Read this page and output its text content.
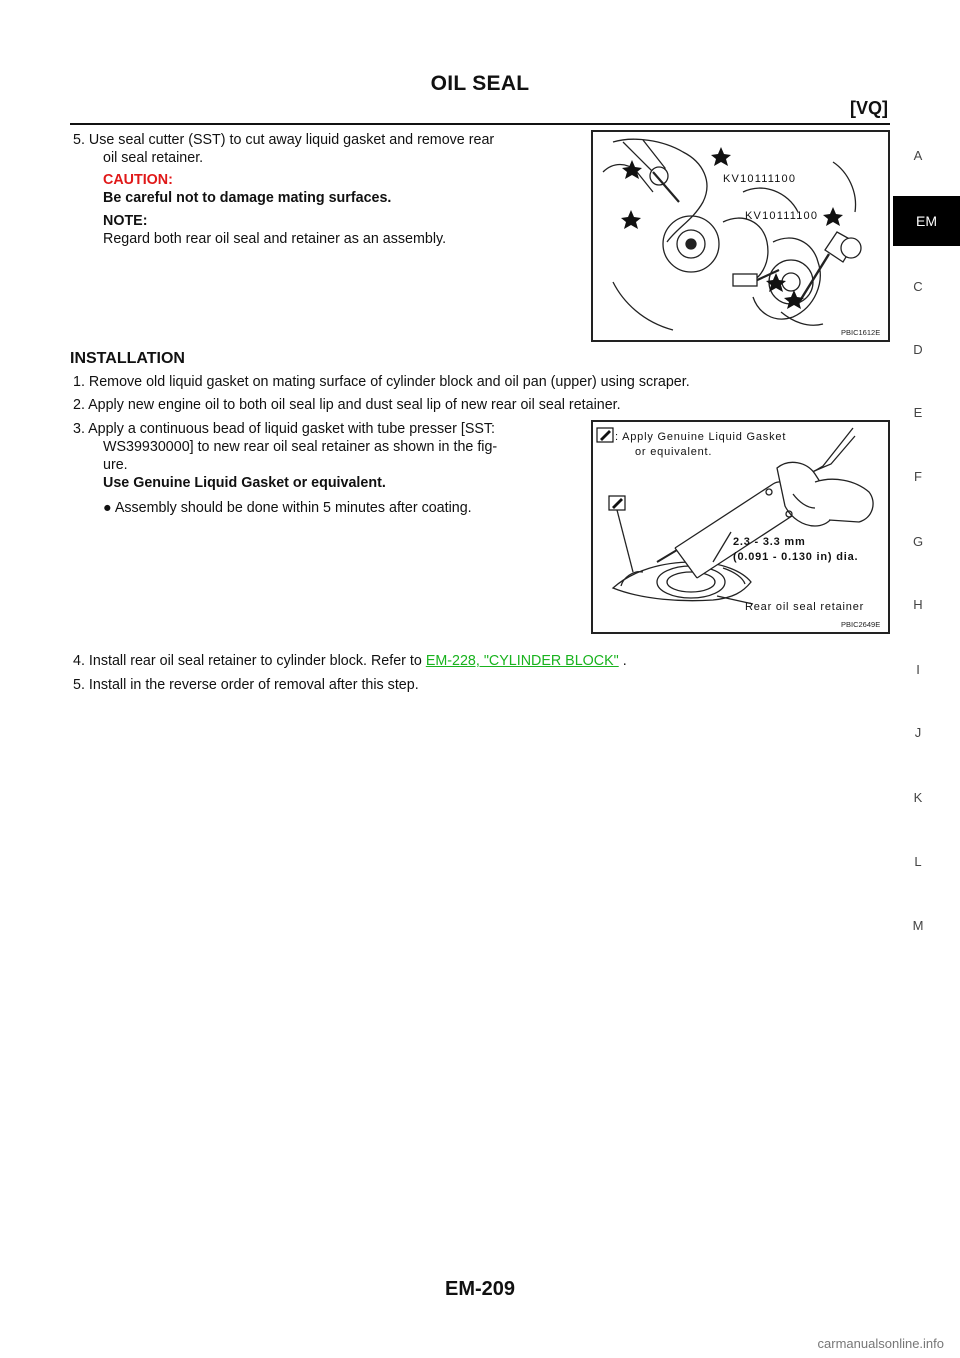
OIL SEAL
[VQ]
A
EM
C
D
E
F
G
H
I
J
K
L
M
5. Use seal cutter (SST) to cut away liquid gasket and remove rear
oil seal retainer.
CAUTION:
Be careful not to damage mating surfaces.
NOTE:
Regard both rear oil seal and retainer as an assembly.
KV10111100
KV10111100
PBIC1612E
INSTALLATION
1. Remove old liquid gasket on mating surface of cylinder block and oil pan (upper) using scraper.
2. Apply new engine oil to both oil seal lip and dust seal lip of new rear oil seal retainer.
3. Apply a continuous bead of liquid gasket with tube presser [SST:
WS39930000] to new rear oil seal retainer as shown in the fig-
ure.
Use Genuine Liquid Gasket or equivalent.
● Assembly should be done within 5 minutes after coating.
: Apply Genuine Liquid Gasket
or equivalent.
2.3 - 3.3 mm
(0.091 - 0.130 in) dia.
Rear oil seal retainer
PBIC2649E
4. Install rear oil seal retainer to cylinder block. Refer to EM-228, "CYLINDER BLOCK" .
5. Install in the reverse order of removal after this step.
EM-209
carmanualsonline.info
